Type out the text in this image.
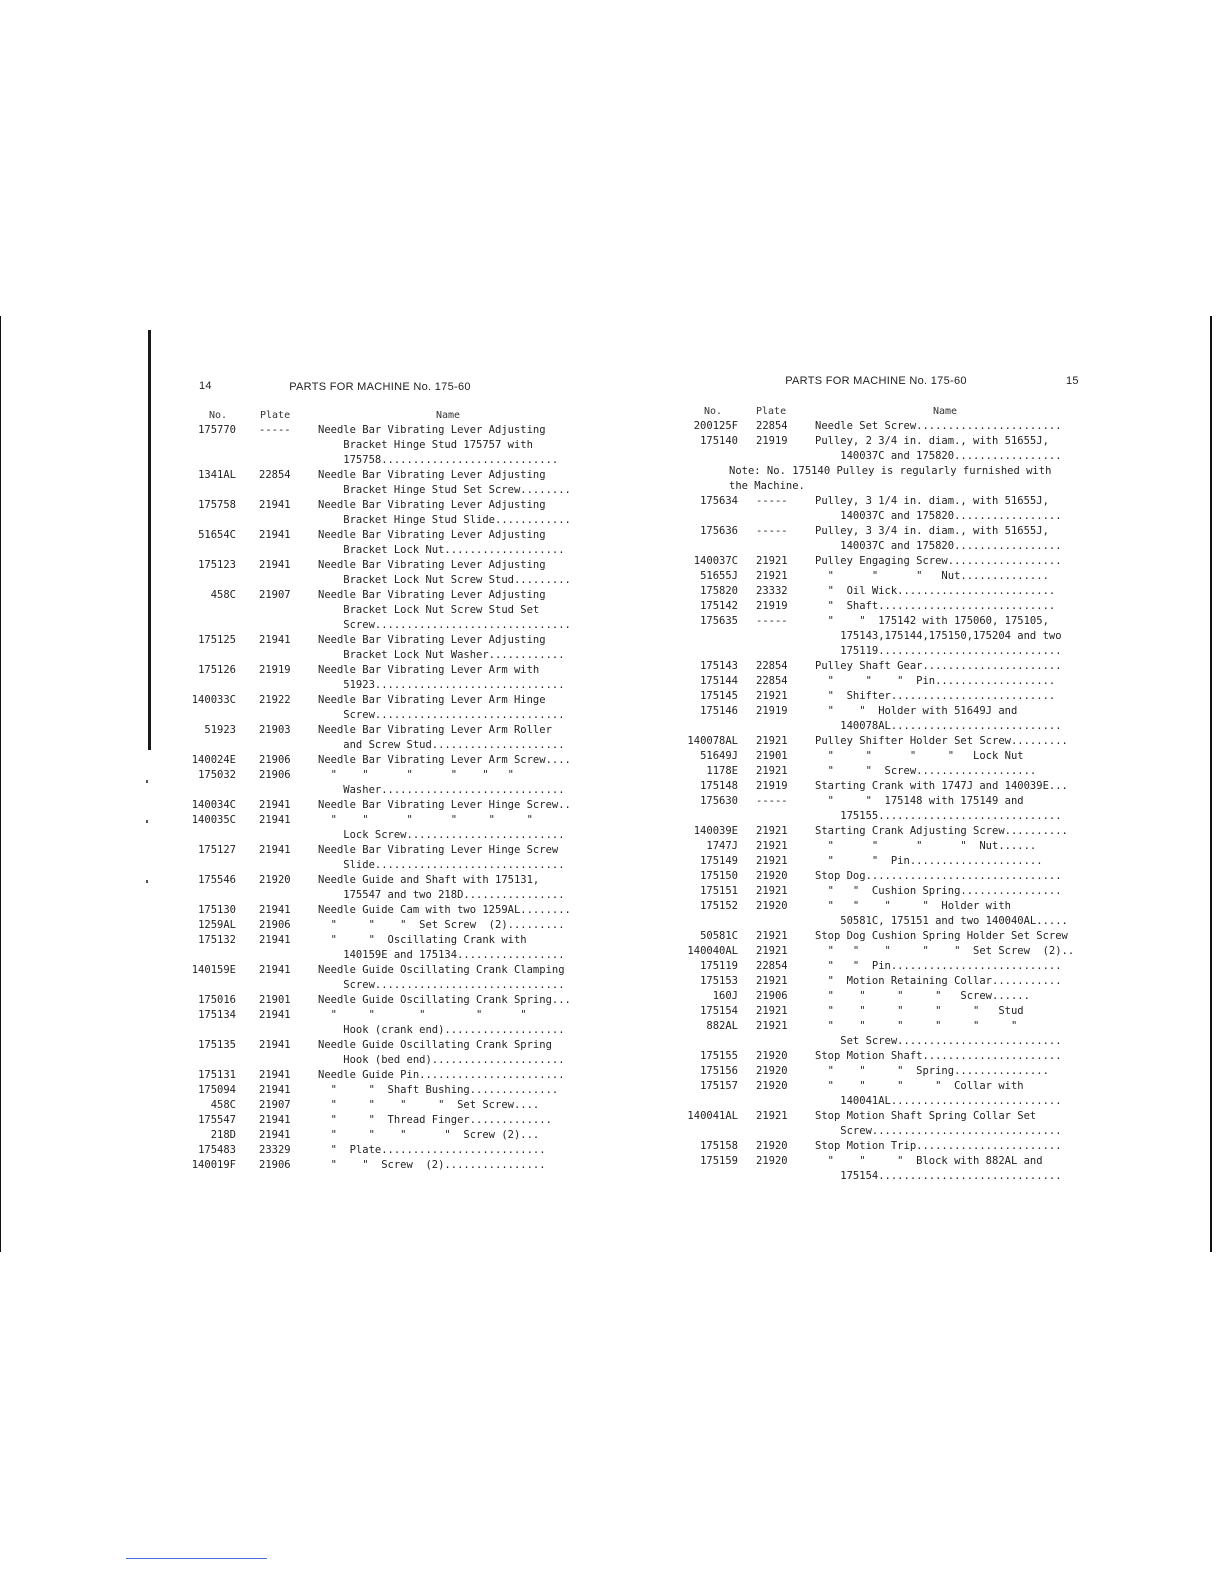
14	PARTS FOR MACHINE No. 175-60
No.	Plate	Name
175770 -----	Needle Bar Vibrating Lever Adjusting
Bracket Hinge Stud 175757 with
175758............................
1341AL 22854	Needle Bar Vibrating Lever Adjusting
Bracket Hinge Stud Set Screw........
175758 21941	Needle Bar Vibrating Lever Adjusting
Bracket Hinge Stud Slide............
51654C 21941	Needle Bar Vibrating Lever Adjusting
Bracket Lock Nut...................
175123 21941	Needle Bar Vibrating Lever Adjusting
Bracket Lock Nut Screw Stud.........
458C 21907	Needle Bar Vibrating Lever Adjusting
Bracket Lock Nut Screw Stud Set
Screw...............................
175125 21941	Needle Bar Vibrating Lever Adjusting
Bracket Lock Nut Washer............
175126 21919	Needle Bar Vibrating Lever Arm with
51923..............................
140033C 21922	Needle Bar Vibrating Lever Arm Hinge
Screw..............................
51923 21903	Needle Bar Vibrating Lever Arm Roller
and Screw Stud.....................
140024E 21906	Needle Bar Vibrating Lever Arm Screw....
175032 21906	"    "      "      "    "   "
Washer.............................
140034C 21941	Needle Bar Vibrating Lever Hinge Screw..
140035C 21941	"    "      "      "     "     "
Lock Screw.........................
175127 21941	Needle Bar Vibrating Lever Hinge Screw
Slide..............................
175546 21920	Needle Guide and Shaft with 175131,
175547 and two 218D................
175130 21941	Needle Guide Cam with two 1259AL........
1259AL 21906	"     "    "  Set Screw  (2).........
175132 21941	"     "  Oscillating Crank with
140159E and 175134.................
140159E 21941	Needle Guide Oscillating Crank Clamping
Screw..............................
175016 21901	Needle Guide Oscillating Crank Spring...
175134 21941	"     "       "        "      "
Hook (crank end)...................
175135 21941	Needle Guide Oscillating Crank Spring
Hook (bed end).....................
175131 21941	Needle Guide Pin.......................
175094 21941	"     "  Shaft Bushing..............
458C 21907	"     "    "     "  Set Screw....
175547 21941	"     "  Thread Finger.............
218D 21941	"     "    "      "  Screw (2)...
175483 23329	"  Plate..........................
140019F 21906	"    "  Screw  (2)................
PARTS FOR MACHINE No. 175-60	15
No.	Plate	Name
200125F 22854	Needle Set Screw.......................
175140 21919	Pulley, 2 3/4 in. diam., with 51655J,
140037C and 175820.................
Note: No. 175140 Pulley is regularly furnished with
the Machine.
175634 -----	Pulley, 3 1/4 in. diam., with 51655J,
140037C and 175820.................
175636 -----	Pulley, 3 3/4 in. diam., with 51655J,
140037C and 175820.................
140037C 21921	Pulley Engaging Screw..................
51655J 21921	"      "      "   Nut..............
175820 23332	"  Oil Wick.........................
175142 21919	"  Shaft............................
175635 -----	"    "  175142 with 175060, 175105,
175143,175144,175150,175204 and two
175119.............................
175143 22854	Pulley Shaft Gear......................
175144 22854	"     "    "  Pin...................
175145 21921	"  Shifter..........................
175146 21919	"    "  Holder with 51649J and
140078AL...........................
140078AL 21921	Pulley Shifter Holder Set Screw.........
51649J 21901	"     "      "     "   Lock Nut
1178E 21921	"     "  Screw...................
175148 21919	Starting Crank with 1747J and 140039E...
175630 -----	"     "  175148 with 175149 and
175155.............................
140039E 21921	Starting Crank Adjusting Screw..........
1747J 21921	"      "      "      "  Nut......
175149 21921	"      "  Pin.....................
175150 21920	Stop Dog...............................
175151 21921	"   "  Cushion Spring................
175152 21920	"   "    "     "  Holder with
50581C, 175151 and two 140040AL.....
50581C 21921	Stop Dog Cushion Spring Holder Set Screw
140040AL 21921	"   "    "     "    "  Set Screw  (2)..
175119 22854	"   "  Pin...........................
175153 21921	"  Motion Retaining Collar...........
160J 21906	"    "     "     "   Screw......
175154 21921	"    "     "     "     "   Stud
882AL 21921	"    "     "     "     "     "
Set Screw..........................
175155 21920	Stop Motion Shaft......................
175156 21920	"    "     "  Spring...............
175157 21920	"    "     "     "  Collar with
140041AL...........................
140041AL 21921	Stop Motion Shaft Spring Collar Set
Screw..............................
175158 21920	Stop Motion Trip.......................
175159 21920	"    "     "  Block with 882AL and
175154.............................
